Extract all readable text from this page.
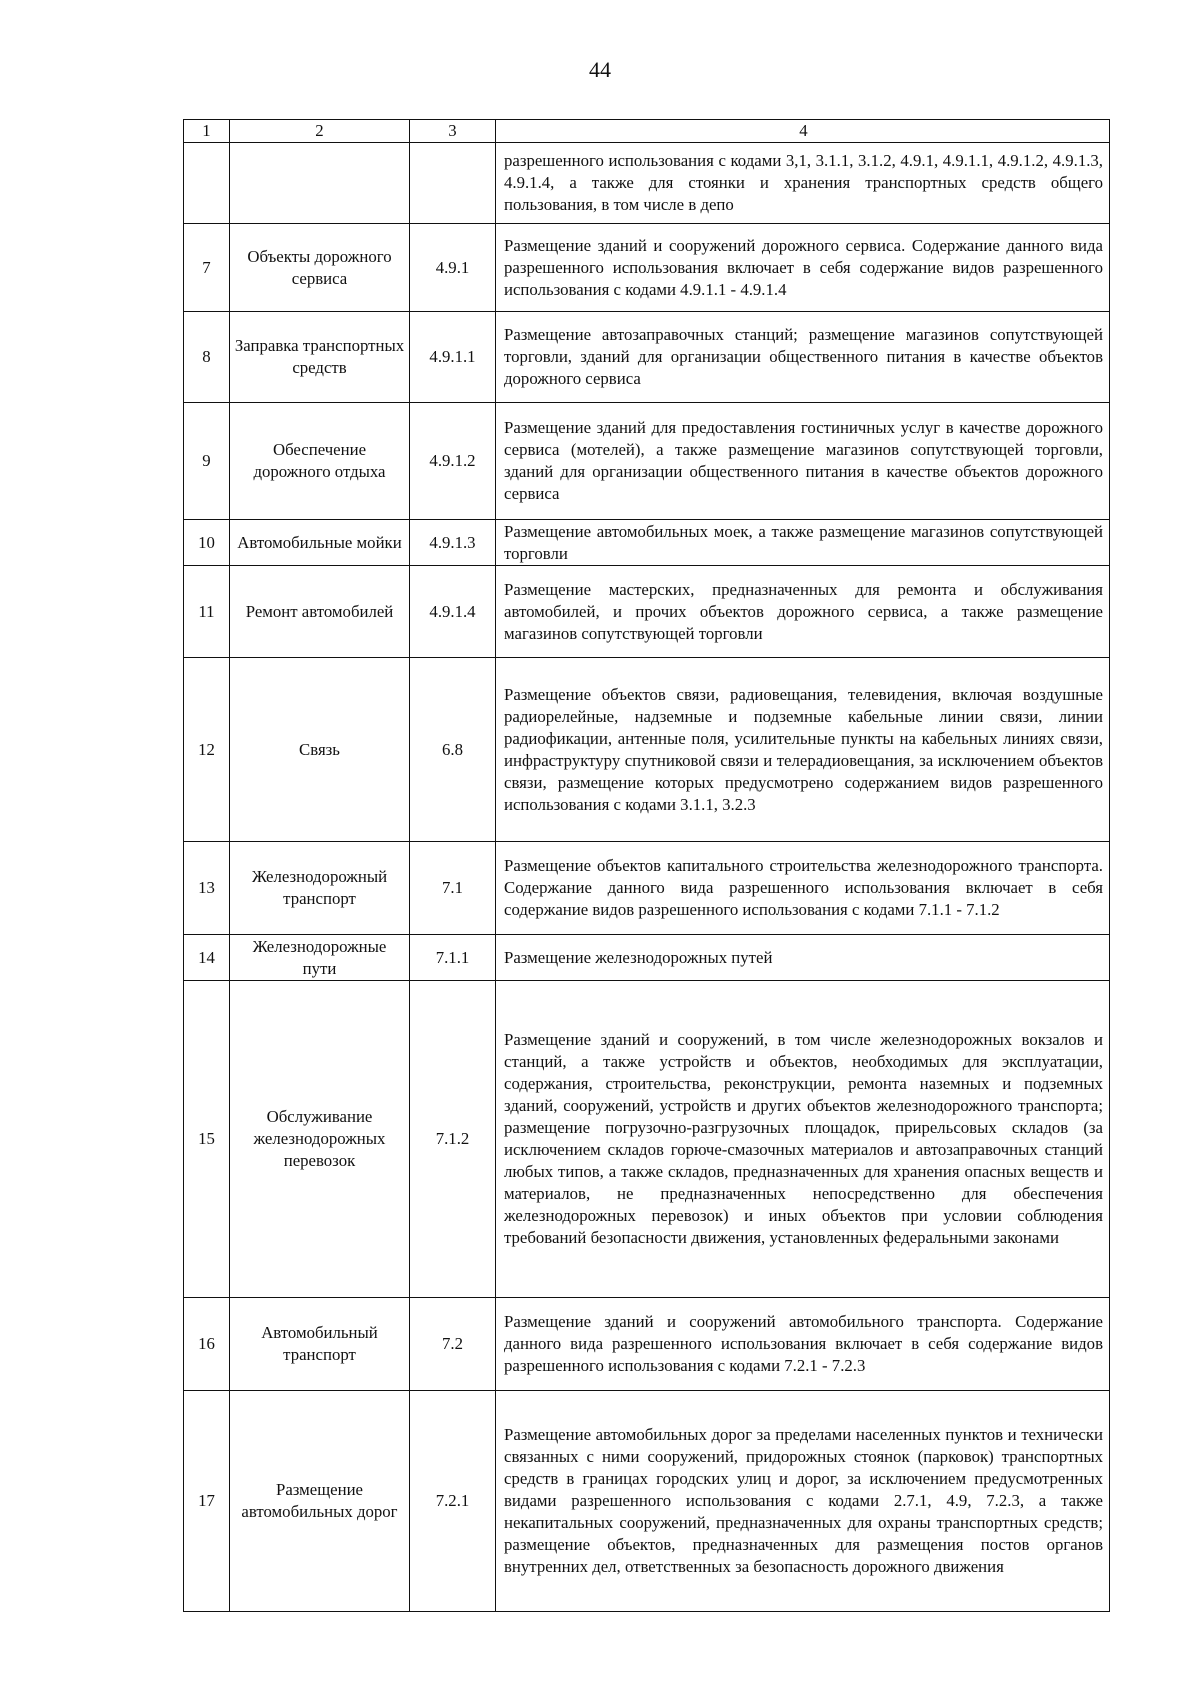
44
1	2	3	4
			разрешенного использования с кодами 3,1, 3.1.1, 3.1.2, 4.9.1, 4.9.1.1, 4.9.1.2, 4.9.1.3, 4.9.1.4, а также для стоянки и хранения транспортных средств общего пользования, в том числе в депо
7	Объекты дорожного сервиса	4.9.1	Размещение зданий и сооружений дорожного сервиса. Содержание данного вида разрешенного использования включает в себя содержание видов разрешенного использования с кодами 4.9.1.1 - 4.9.1.4
8	Заправка транспортных средств	4.9.1.1	Размещение автозаправочных станций; размещение магазинов сопутствующей торговли, зданий для организации общественного питания в качестве объектов дорожного сервиса
9	Обеспечение дорожного отдыха	4.9.1.2	Размещение зданий для предоставления гостиничных услуг в качестве дорожного сервиса (мотелей), а также размещение магазинов сопутствующей торговли, зданий для организации общественного питания в качестве объектов дорожного сервиса
10	Автомобильные мойки	4.9.1.3	Размещение автомобильных моек, а также размещение магазинов сопутствующей торговли
11	Ремонт автомобилей	4.9.1.4	Размещение мастерских, предназначенных для ремонта и обслуживания автомобилей, и прочих объектов дорожного сервиса, а также размещение магазинов сопутствующей торговли
12	Связь	6.8	Размещение объектов связи, радиовещания, телевидения, включая воздушные радиорелейные, надземные и подземные кабельные линии связи, линии радиофикации, антенные поля, усилительные пункты на кабельных линиях связи, инфраструктуру спутниковой связи и телерадиовещания, за исключением объектов связи, размещение которых предусмотрено содержанием видов разрешенного использования с кодами 3.1.1, 3.2.3
13	Железнодорожный транспорт	7.1	Размещение объектов капитального строительства железнодорожного транспорта. Содержание данного вида разрешенного использования включает в себя содержание видов разрешенного использования с кодами 7.1.1 - 7.1.2
14	Железнодорожные пути	7.1.1	Размещение железнодорожных путей
15	Обслуживание железнодорожных перевозок	7.1.2	Размещение зданий и сооружений, в том числе железнодорожных вокзалов и станций, а также устройств и объектов, необходимых для эксплуатации, содержания, строительства, реконструкции, ремонта наземных и подземных зданий, сооружений, устройств и других объектов железнодорожного транспорта; размещение погрузочно-разгрузочных площадок, прирельсовых складов (за исключением складов горюче-смазочных материалов и автозаправочных станций любых типов, а также складов, предназначенных для хранения опасных веществ и материалов, не предназначенных непосредственно для обеспечения железнодорожных перевозок) и иных объектов при условии соблюдения требований безопасности движения, установленных федеральными законами
16	Автомобильный транспорт	7.2	Размещение зданий и сооружений автомобильного транспорта. Содержание данного вида разрешенного использования включает в себя содержание видов разрешенного использования с кодами 7.2.1 - 7.2.3
17	Размещение автомобильных дорог	7.2.1	Размещение автомобильных дорог за пределами населенных пунктов и технически связанных с ними сооружений, придорожных стоянок (парковок) транспортных средств в границах городских улиц и дорог, за исключением предусмотренных видами разрешенного использования с кодами 2.7.1, 4.9, 7.2.3, а также некапитальных сооружений, предназначенных для охраны транспортных средств; размещение объектов, предназначенных для размещения постов органов внутренних дел, ответственных за безопасность дорожного движения
